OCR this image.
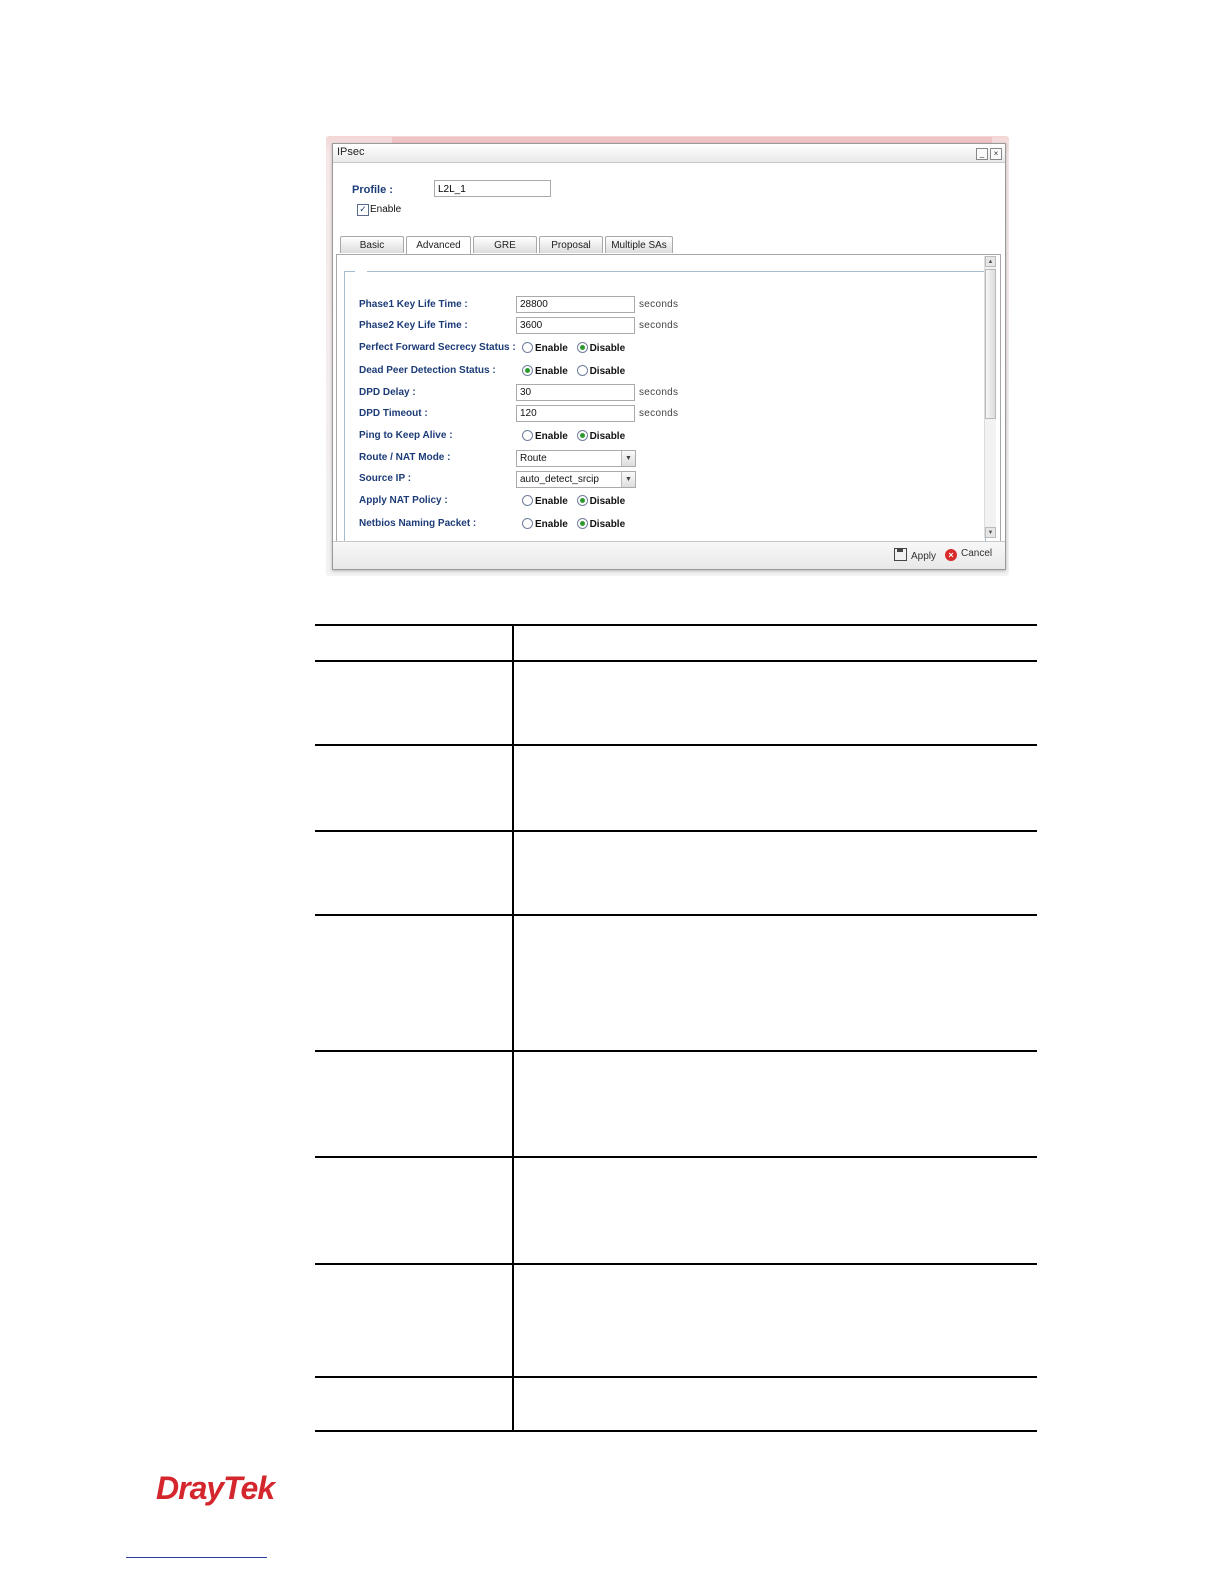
IPsec	_	×
Profile :	L2L_1
✓ Enable
Basic	Advanced	GRE	Proposal	Multiple SAs
Phase1 Key Life Time :	28800	seconds
Phase2 Key Life Time :	3600	seconds
Perfect Forward Secrecy Status :	Enable Disable
Dead Peer Detection Status :	Enable Disable
DPD Delay :	30	seconds
DPD Timeout :	120	seconds
Ping to Keep Alive :	Enable Disable
Route / NAT Mode :	Route	▼
Source IP :	auto_detect_srcip	▼
Apply NAT Policy :	Enable Disable
Netbios Naming Packet :	Enable Disable
▲
▼
Apply	× Cancel
DrayTek
